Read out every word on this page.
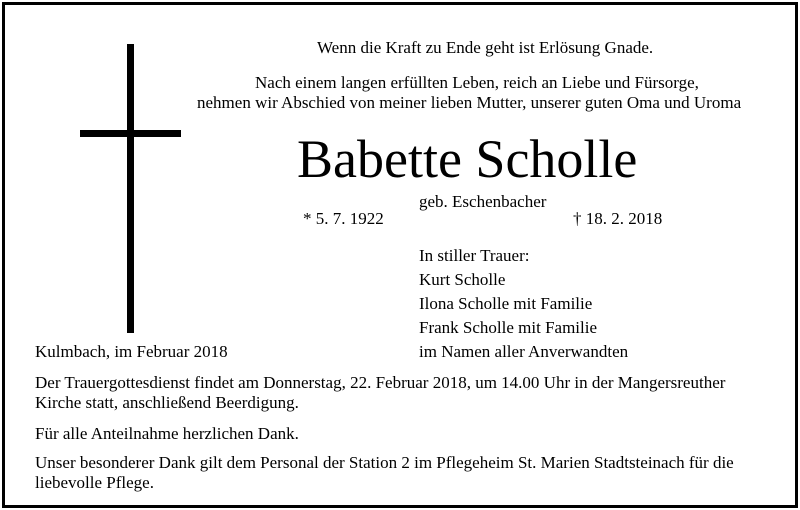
Wenn die Kraft zu Ende geht ist Erlösung Gnade.
Nach einem langen erfüllten Leben, reich an Liebe und Fürsorge,
nehmen wir Abschied von meiner lieben Mutter, unserer guten Oma und Uroma
Babette Scholle
geb. Eschenbacher
* 5. 7. 1922	† 18. 2. 2018
In stiller Trauer:
Kurt Scholle
Ilona Scholle mit Familie
Frank Scholle mit Familie
im Namen aller Anverwandten
Kulmbach, im Februar 2018
Der Trauergottesdienst findet am Donnerstag, 22. Februar 2018, um 14.00 Uhr in der Mangersreuther Kirche statt, anschließend Beerdigung.
Für alle Anteilnahme herzlichen Dank.
Unser besonderer Dank gilt dem Personal der Station 2 im Pflegeheim St. Marien Stadtsteinach für die liebevolle Pflege.
